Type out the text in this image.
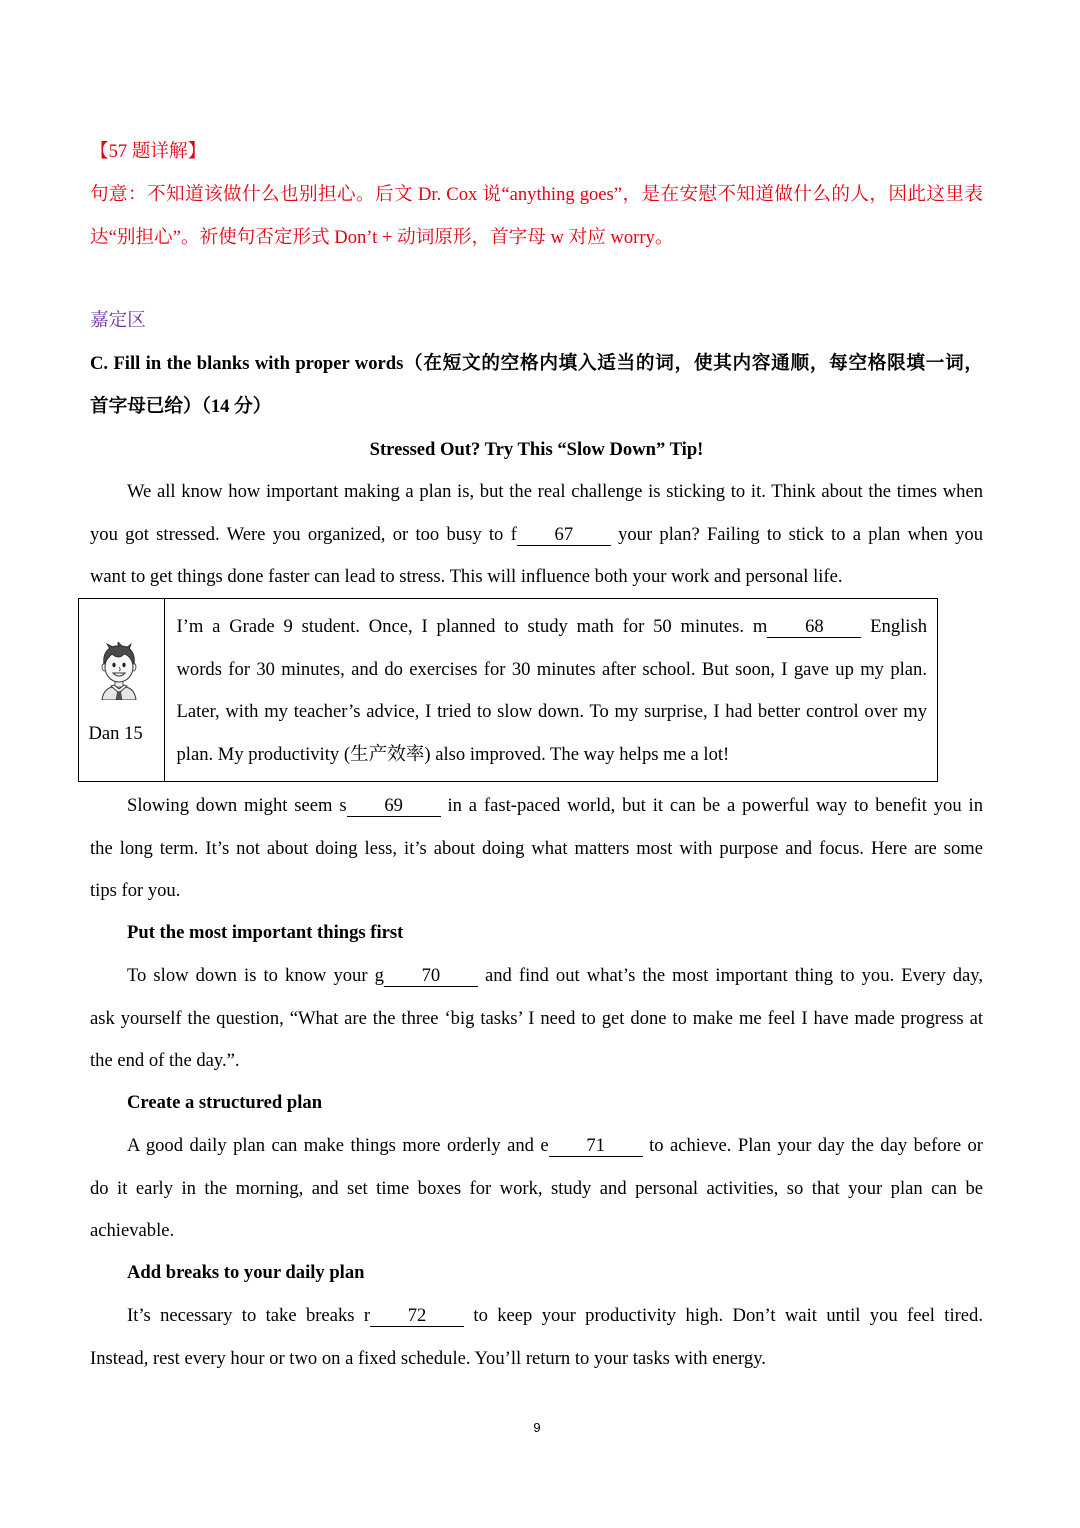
【57 题详解】
句意：不知道该做什么也别担心。后文 Dr. Cox 说“anything goes”，是在安慰不知道做什么的人，因此这里表
达“别担心”。祈使句否定形式 Don’t + 动词原形，首字母 w 对应 worry。
嘉定区
C. Fill in the blanks with proper words（在短文的空格内填入适当的词，使其内容通顺，每空格限填一词，
首字母已给）（14 分）
Stressed Out? Try This “Slow Down” Tip!
We all know how important making a plan is, but the real challenge is sticking to it. Think about the times when
you got stressed. Were you organized, or too busy to f 67 your plan? Failing to stick to a plan when you
want to get things done faster can lead to stress. This will influence both your work and personal life.
Dan 15
I’m a Grade 9 student. Once, I planned to study math for 50 minutes. m 68 English
words for 30 minutes, and do exercises for 30 minutes after school. But soon, I gave up my plan.
Later, with my teacher’s advice, I tried to slow down. To my surprise, I had better control over my
plan. My productivity (生产效率) also improved. The way helps me a lot!
Slowing down might seem s 69 in a fast-paced world, but it can be a powerful way to benefit you in
the long term. It’s not about doing less, it’s about doing what matters most with purpose and focus. Here are some
tips for you.
Put the most important things first
To slow down is to know your g 70 and find out what’s the most important thing to you. Every day,
ask yourself the question, “What are the three ‘big tasks’ I need to get done to make me feel I have made progress at
the end of the day.”.
Create a structured plan
A good daily plan can make things more orderly and e 71 to achieve. Plan your day the day before or
do it early in the morning, and set time boxes for work, study and personal activities, so that your plan can be
achievable.
Add breaks to your daily plan
It’s necessary to take breaks r 72 to keep your productivity high. Don’t wait until you feel tired.
Instead, rest every hour or two on a fixed schedule. You’ll return to your tasks with energy.
9
